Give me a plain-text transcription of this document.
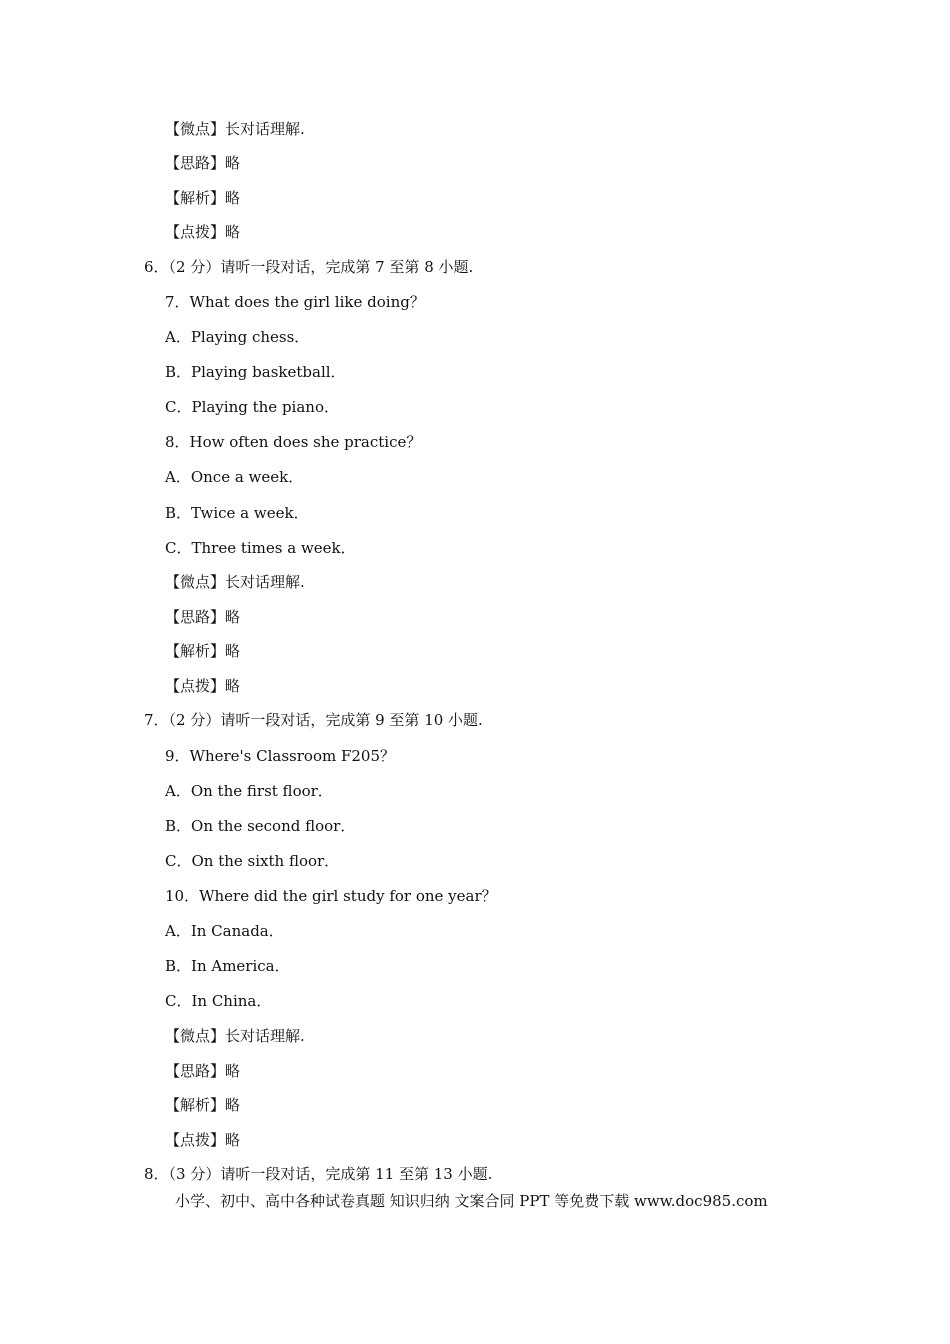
【微点】长对话理解.
【思路】略
【解析】略
【点拨】略
6．（2 分）请听一段对话，完成第 7 至第 8 小题.
7．What does the girl like doing？
A．Playing chess．
B．Playing basketball．
C．Playing the piano．
8．How often does she practice？
A．Once a week．
B．Twice a week．
C．Three times a week．
【微点】长对话理解.
【思路】略
【解析】略
【点拨】略
7．（2 分）请听一段对话，完成第 9 至第 10 小题.
9．Where's Classroom F205？
A．On the first floor．
B．On the second floor．
C．On the sixth floor．
10．Where did the girl study for one year？
A．In Canada．
B．In America．
C．In China．
【微点】长对话理解.
【思路】略
【解析】略
【点拨】略
8．（3 分）请听一段对话，完成第 11 至第 13 小题.
小学、初中、高中各种试卷真题 知识归纳 文案合同 PPT 等免费下载 www.doc985.com
